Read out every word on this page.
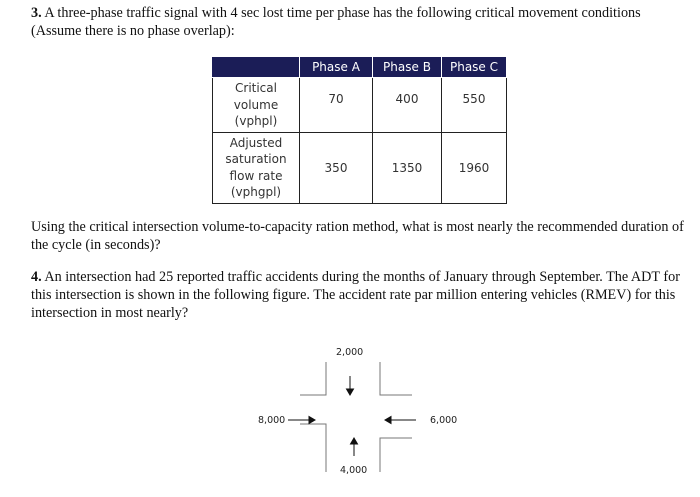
3. A three-phase traffic signal with 4 sec lost time per phase has the following critical movement conditions (Assume there is no phase overlap):

	Phase A	Phase B	Phase C

Critical
volume
(vphpl)	70	400	550

Adjusted
saturation
flow rate
(vphgpl)	350	1350	1960

Using the critical intersection volume-to-capacity ration method, what is most nearly the recommended duration of the cycle (in seconds)?

4. An intersection had 25 reported traffic accidents during the months of January through September. The ADT for this intersection is shown in the following figure. The accident rate par million entering vehicles (RMEV) for this intersection in most nearly?

2,000
8,000	6,000
4,000
